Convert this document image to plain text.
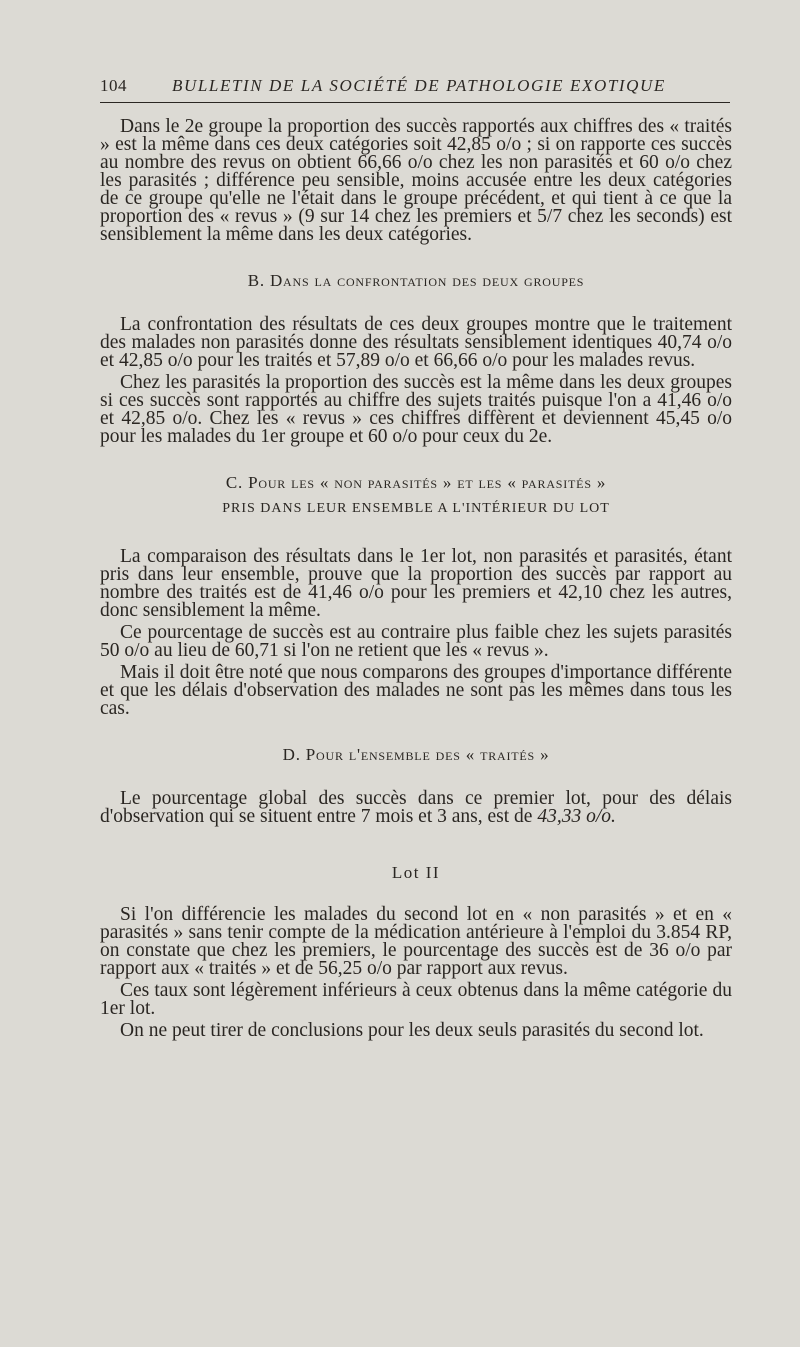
104	BULLETIN DE LA SOCIÉTÉ DE PATHOLOGIE EXOTIQUE

Dans le 2e groupe la proportion des succès rapportés aux chiffres des « traités » est la même dans ces deux catégories soit 42,85 o/o ; si on rapporte ces succès au nombre des revus on obtient 66,66 o/o chez les non parasités et 60 o/o chez les parasités ; différence peu sensible, moins accusée entre les deux catégories de ce groupe qu'elle ne l'était dans le groupe précédent, et qui tient à ce que la proportion des « revus » (9 sur 14 chez les premiers et 5/7 chez les seconds) est sensiblement la même dans les deux catégories.

B. Dans la confrontation des deux groupes

La confrontation des résultats de ces deux groupes montre que le traitement des malades non parasités donne des résultats sensiblement identiques 40,74 o/o et 42,85 o/o pour les traités et 57,89 o/o et 66,66 o/o pour les malades revus.

Chez les parasités la proportion des succès est la même dans les deux groupes si ces succès sont rapportés au chiffre des sujets traités puisque l'on a 41,46 o/o et 42,85 o/o. Chez les « revus » ces chiffres diffèrent et deviennent 45,45 o/o pour les malades du 1er groupe et 60 o/o pour ceux du 2e.

C. Pour les « non parasités » et les « parasités »
PRIS DANS LEUR ENSEMBLE A L'INTÉRIEUR DU LOT

La comparaison des résultats dans le 1er lot, non parasités et parasités, étant pris dans leur ensemble, prouve que la proportion des succès par rapport au nombre des traités est de 41,46 o/o pour les premiers et 42,10 chez les autres, donc sensiblement la même.

Ce pourcentage de succès est au contraire plus faible chez les sujets parasités 50 o/o au lieu de 60,71 si l'on ne retient que les « revus ».

Mais il doit être noté que nous comparons des groupes d'importance différente et que les délais d'observation des malades ne sont pas les mêmes dans tous les cas.

D. Pour l'ensemble des « traités »

Le pourcentage global des succès dans ce premier lot, pour des délais d'observation qui se situent entre 7 mois et 3 ans, est de 43,33 o/o.

Lot II

Si l'on différencie les malades du second lot en « non parasités » et en « parasités » sans tenir compte de la médication antérieure à l'emploi du 3.854 RP, on constate que chez les premiers, le pourcentage des succès est de 36 o/o par rapport aux « traités » et de 56,25 o/o par rapport aux revus.

Ces taux sont légèrement inférieurs à ceux obtenus dans la même catégorie du 1er lot.

On ne peut tirer de conclusions pour les deux seuls parasités du second lot.
